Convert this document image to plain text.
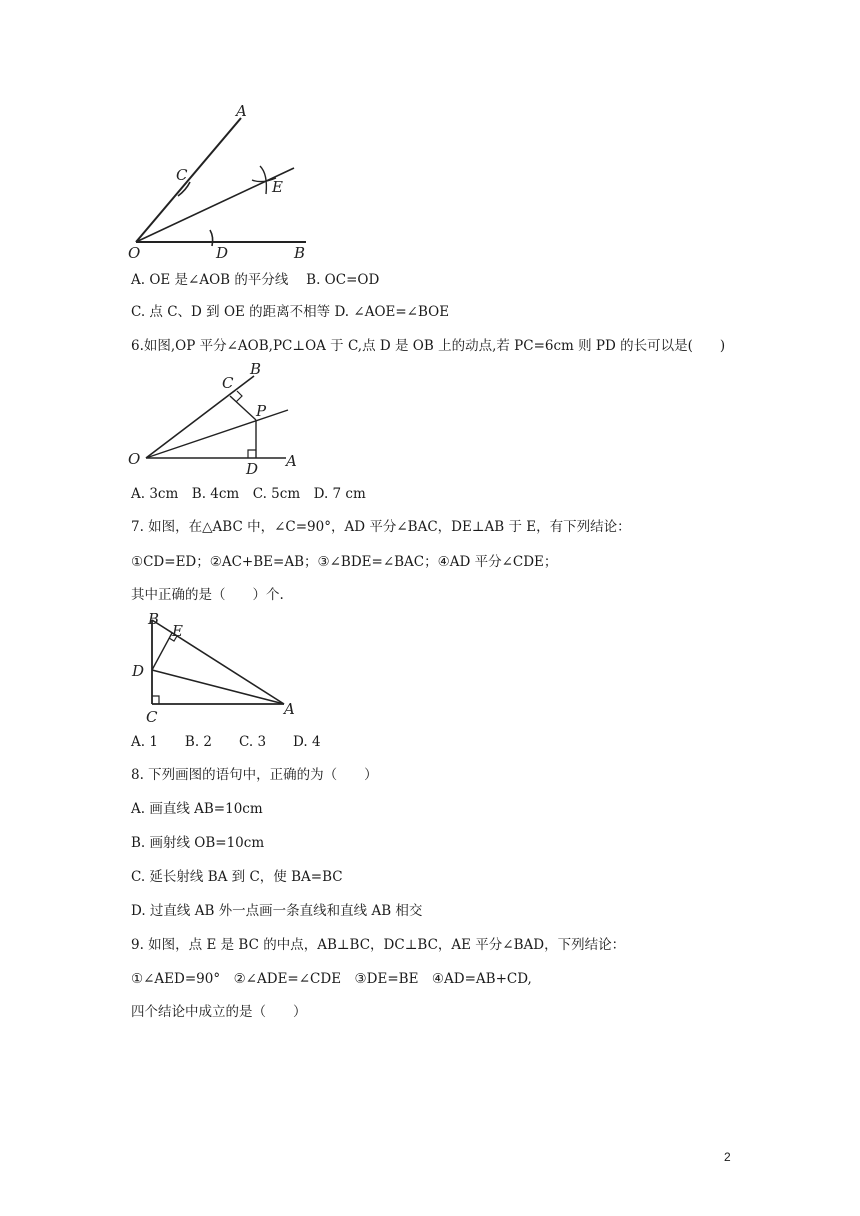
A
C
E
O	D	B
A. OE 是∠AOB 的平分线　 B. OC=OD
C. 点 C、D 到 OE 的距离不相等 D. ∠AOE=∠BOE
6.如图,OP 平分∠AOB,PC⊥OA 于 C,点 D 是 OB 上的动点,若 PC=6cm 则 PD 的长可以是(　　)
B
C
P
O
D A
A. 3cm　B. 4cm　C. 5cm　D. 7 cm
7. 如图，在△ABC 中，∠C=90°，AD 平分∠BAC，DE⊥AB 于 E，有下列结论：
①CD=ED；②AC+BE=AB；③∠BDE=∠BAC；④AD 平分∠CDE；
其中正确的是（　　）个.
B
E
D
C	A
A. 1　　B. 2　　C. 3　　D. 4
8. 下列画图的语句中，正确的为（　　）
A. 画直线 AB=10cm
B. 画射线 OB=10cm
C. 延长射线 BA 到 C，使 BA=BC
D. 过直线 AB 外一点画一条直线和直线 AB 相交
9. 如图，点 E 是 BC 的中点，AB⊥BC，DC⊥BC，AE 平分∠BAD，下列结论：
①∠AED=90°　②∠ADE=∠CDE　③DE=BE　④AD=AB+CD,
四个结论中成立的是（　　）
2
